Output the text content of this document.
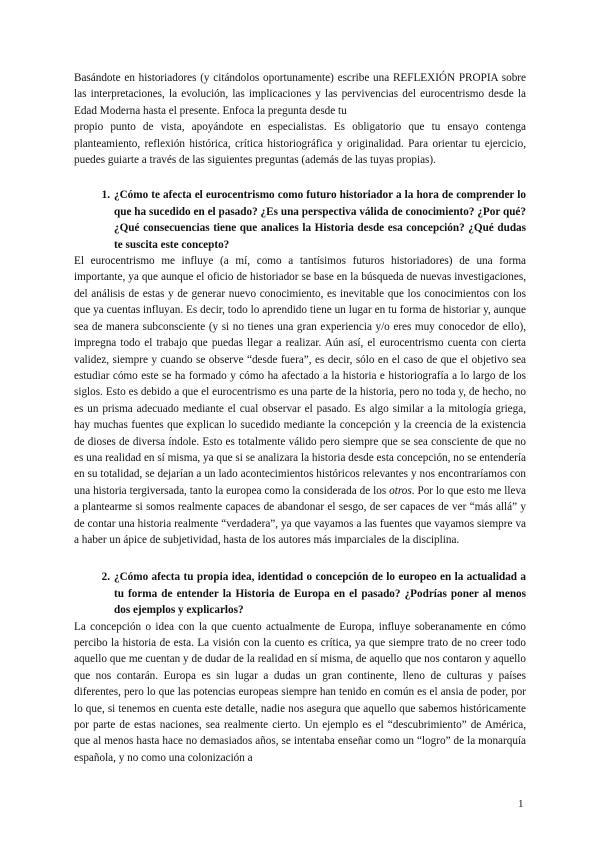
Basándote en historiadores (y citándolos oportunamente) escribe una REFLEXIÓN PROPIA sobre las interpretaciones, la evolución, las implicaciones y las pervivencias del eurocentrismo desde la Edad Moderna hasta el presente. Enfoca la pregunta desde tu

propio punto de vista, apoyándote en especialistas. Es obligatorio que tu ensayo contenga planteamiento, reflexión histórica, crítica historiográfica y originalidad. Para orientar tu ejercicio, puedes guiarte a través de las siguientes preguntas (además de las tuyas propias).

1. ¿Cómo te afecta el eurocentrismo como futuro historiador a la hora de comprender lo que ha sucedido en el pasado? ¿Es una perspectiva válida de conocimiento? ¿Por qué? ¿Qué consecuencias tiene que analices la Historia desde esa concepción? ¿Qué dudas te suscita este concepto?

El eurocentrismo me influye (a mí, como a tantísimos futuros historiadores) de una forma importante, ya que aunque el oficio de historiador se base en la búsqueda de nuevas investigaciones, del análisis de estas y de generar nuevo conocimiento, es inevitable que los conocimientos con los que ya cuentas influyan. Es decir, todo lo aprendido tiene un lugar en tu forma de historiar y, aunque sea de manera subconsciente (y si no tienes una gran experiencia y/o eres muy conocedor de ello), impregna todo el trabajo que puedas llegar a realizar. Aún así, el eurocentrismo cuenta con cierta validez, siempre y cuando se observe “desde fuera”, es decir, sólo en el caso de que el objetivo sea estudiar cómo este se ha formado y cómo ha afectado a la historia e historiografía a lo largo de los siglos. Esto es debido a que el eurocentrismo es una parte de la historia, pero no toda y, de hecho, no es un prisma adecuado mediante el cual observar el pasado. Es algo similar a la mitología griega, hay muchas fuentes que explican lo sucedido mediante la concepción y la creencia de la existencia de dioses de diversa índole. Esto es totalmente válido pero siempre que se sea consciente de que no es una realidad en sí misma, ya que si se analizara la historia desde esta concepción, no se entendería en su totalidad, se dejarían a un lado acontecimientos históricos relevantes y nos encontraríamos con una historia tergiversada, tanto la europea como la considerada de los otros. Por lo que esto me lleva a plantearme si somos realmente capaces de abandonar el sesgo, de ser capaces de ver “más allá” y de contar una historia realmente “verdadera”, ya que vayamos a las fuentes que vayamos siempre va a haber un ápice de subjetividad, hasta de los autores más imparciales de la disciplina.

2. ¿Cómo afecta tu propia idea, identidad o concepción de lo europeo en la actualidad a tu forma de entender la Historia de Europa en el pasado? ¿Podrías poner al menos dos ejemplos y explicarlos?

La concepción o idea con la que cuento actualmente de Europa, influye soberanamente en cómo percibo la historia de esta. La visión con la cuento es crítica, ya que siempre trato de no creer todo aquello que me cuentan y de dudar de la realidad en sí misma, de aquello que nos contaron y aquello que nos contarán. Europa es sin lugar a dudas un gran continente, lleno de culturas y países diferentes, pero lo que las potencias europeas siempre han tenido en común es el ansia de poder, por lo que, si tenemos en cuenta este detalle, nadie nos asegura que aquello que sabemos históricamente por parte de estas naciones, sea realmente cierto. Un ejemplo es el “descubrimiento” de América, que al menos hasta hace no demasiados años, se intentaba enseñar como un “logro” de la monarquía española, y no como una colonización a

1
